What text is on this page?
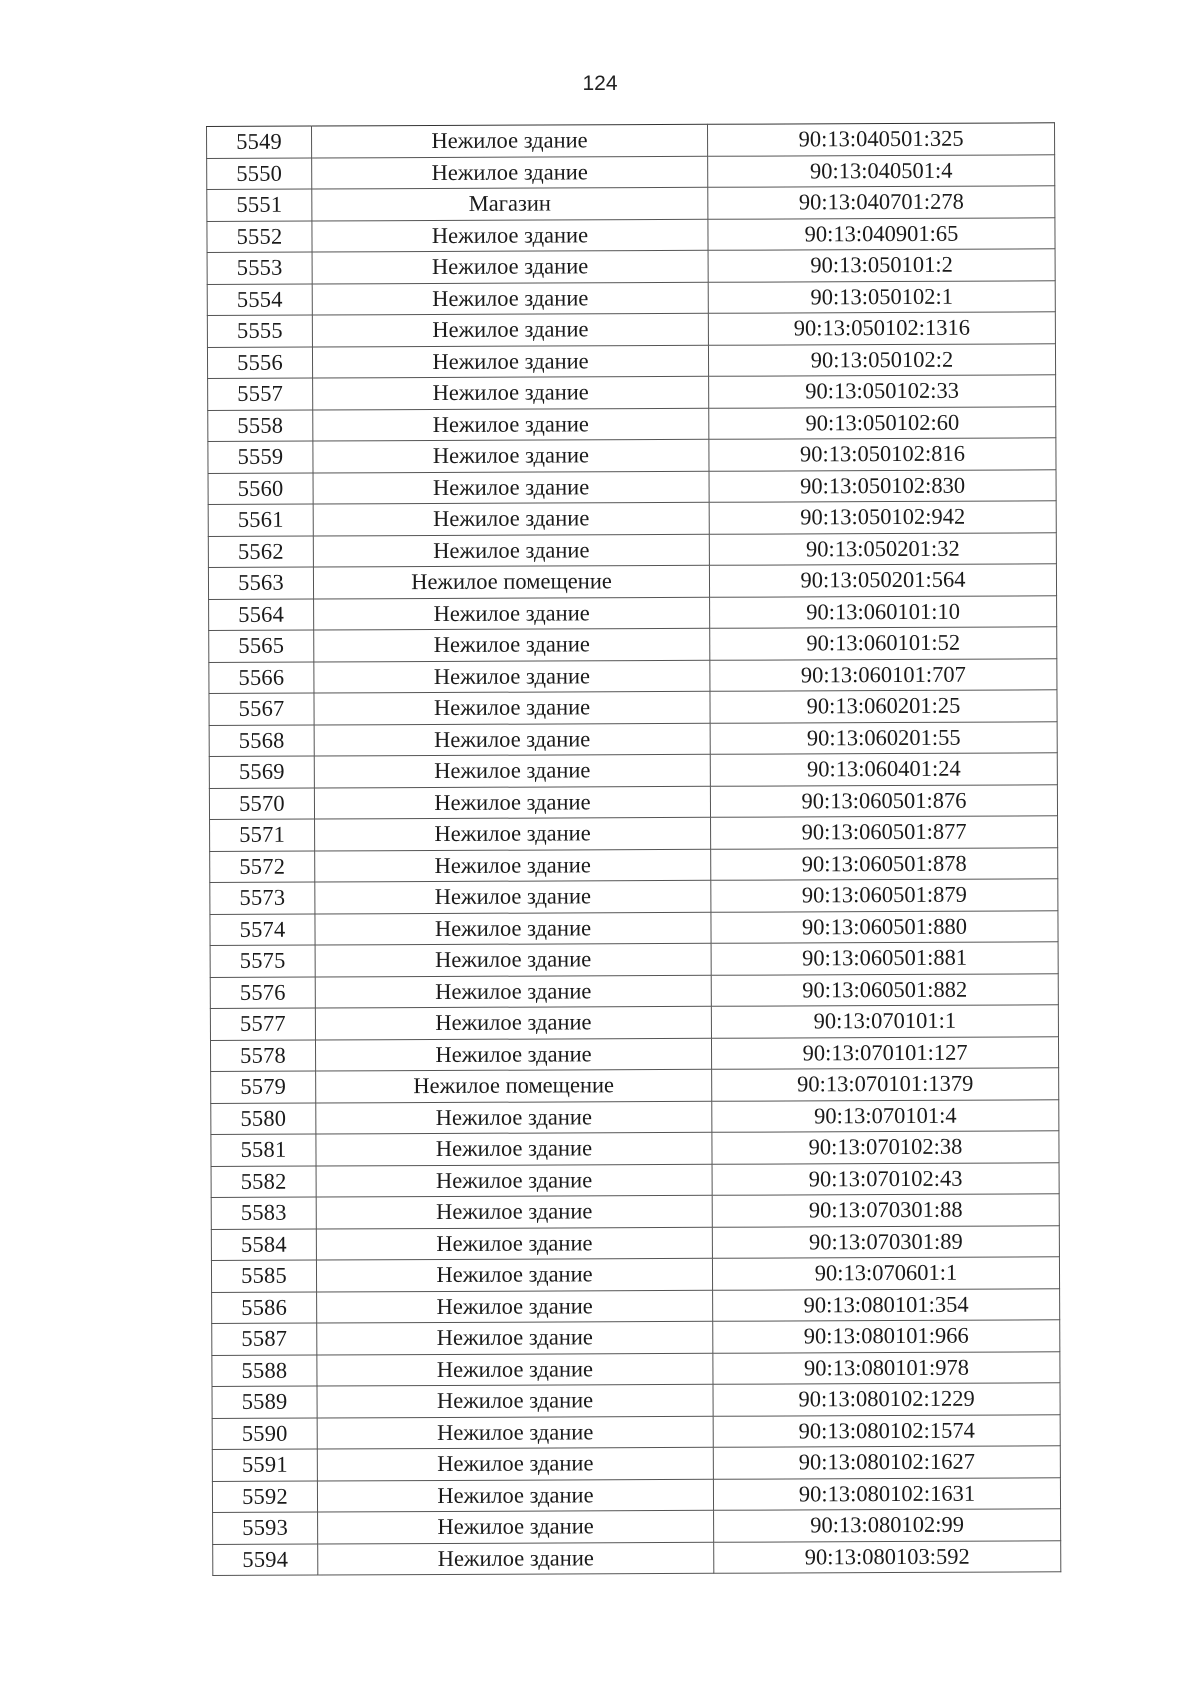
124
5549	Нежилое здание	90:13:040501:325
5550	Нежилое здание	90:13:040501:4
5551	Магазин	90:13:040701:278
5552	Нежилое здание	90:13:040901:65
5553	Нежилое здание	90:13:050101:2
5554	Нежилое здание	90:13:050102:1
5555	Нежилое здание	90:13:050102:1316
5556	Нежилое здание	90:13:050102:2
5557	Нежилое здание	90:13:050102:33
5558	Нежилое здание	90:13:050102:60
5559	Нежилое здание	90:13:050102:816
5560	Нежилое здание	90:13:050102:830
5561	Нежилое здание	90:13:050102:942
5562	Нежилое здание	90:13:050201:32
5563	Нежилое помещение	90:13:050201:564
5564	Нежилое здание	90:13:060101:10
5565	Нежилое здание	90:13:060101:52
5566	Нежилое здание	90:13:060101:707
5567	Нежилое здание	90:13:060201:25
5568	Нежилое здание	90:13:060201:55
5569	Нежилое здание	90:13:060401:24
5570	Нежилое здание	90:13:060501:876
5571	Нежилое здание	90:13:060501:877
5572	Нежилое здание	90:13:060501:878
5573	Нежилое здание	90:13:060501:879
5574	Нежилое здание	90:13:060501:880
5575	Нежилое здание	90:13:060501:881
5576	Нежилое здание	90:13:060501:882
5577	Нежилое здание	90:13:070101:1
5578	Нежилое здание	90:13:070101:127
5579	Нежилое помещение	90:13:070101:1379
5580	Нежилое здание	90:13:070101:4
5581	Нежилое здание	90:13:070102:38
5582	Нежилое здание	90:13:070102:43
5583	Нежилое здание	90:13:070301:88
5584	Нежилое здание	90:13:070301:89
5585	Нежилое здание	90:13:070601:1
5586	Нежилое здание	90:13:080101:354
5587	Нежилое здание	90:13:080101:966
5588	Нежилое здание	90:13:080101:978
5589	Нежилое здание	90:13:080102:1229
5590	Нежилое здание	90:13:080102:1574
5591	Нежилое здание	90:13:080102:1627
5592	Нежилое здание	90:13:080102:1631
5593	Нежилое здание	90:13:080102:99
5594	Нежилое здание	90:13:080103:592
